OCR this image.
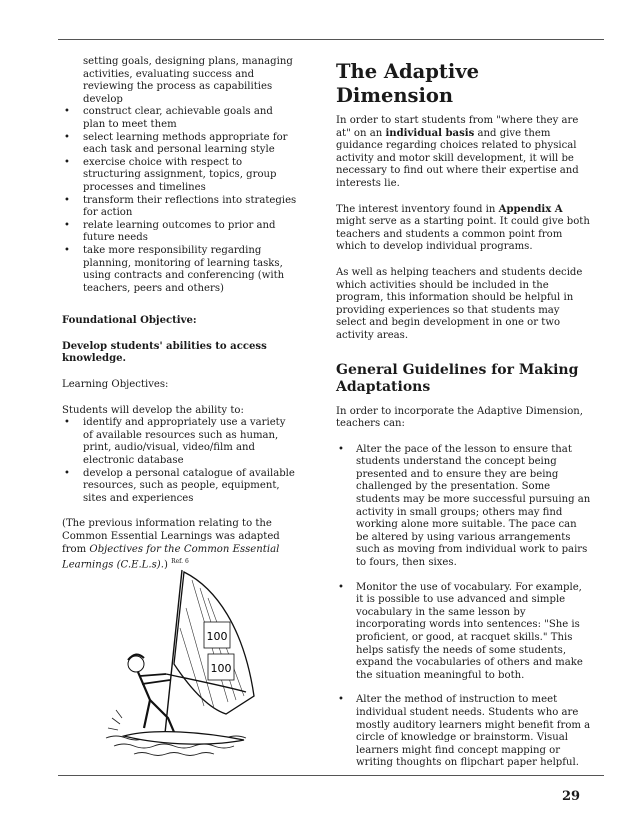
setting goals, designing plans, managing activities, evaluating success and reviewing the process as capabilities develop

• construct clear, achievable goals and plan to meet them
• select learning methods appropriate for each task and personal learning style
• exercise choice with respect to structuring assignment, topics, group processes and timelines
• transform their reflections into strategies for action
• relate learning outcomes to prior and future needs
• take more responsibility regarding planning, monitoring of learning tasks, using contracts and conferencing (with teachers, peers and others)

Foundational Objective:

Develop students' abilities to access knowledge.

Learning Objectives:

Students will develop the ability to:

• identify and appropriately use a variety of available resources such as human, print, audio/visual, video/film and electronic database
• develop a personal catalogue of available resources, such as people, equipment, sites and experiences

(The previous information relating to the Common Essential Learnings was adapted from Objectives for the Common Essential Learnings (C.E.L.s).) $^{Ref. 6}$

100
100
The Adaptive Dimension

In order to start students from "where they are at" on an individual basis and give them guidance regarding choices related to physical activity and motor skill development, it will be necessary to find out where their expertise and interests lie.

The interest inventory found in Appendix A might serve as a starting point. It could give both teachers and students a common point from which to develop individual programs.

As well as helping teachers and students decide which activities should be included in the program, this information should be helpful in providing experiences so that students may select and begin development in one or two activity areas.

General Guidelines for Making Adaptations

In order to incorporate the Adaptive Dimension, teachers can:

• Alter the pace of the lesson to ensure that students understand the concept being presented and to ensure they are being challenged by the presentation. Some students may be more successful pursuing an activity in small groups; others may find working alone more suitable. The pace can be altered by using various arrangements such as moving from individual work to pairs to fours, then sixes.
• Monitor the use of vocabulary. For example, it is possible to use advanced and simple vocabulary in the same lesson by incorporating words into sentences: "She is proficient, or good, at racquet skills." This helps satisfy the needs of some students, expand the vocabularies of others and make the situation meaningful to both.
• Alter the method of instruction to meet individual student needs. Students who are mostly auditory learners might benefit from a circle of knowledge or brainstorm. Visual learners might find concept mapping or writing thoughts on flipchart paper helpful.
29
